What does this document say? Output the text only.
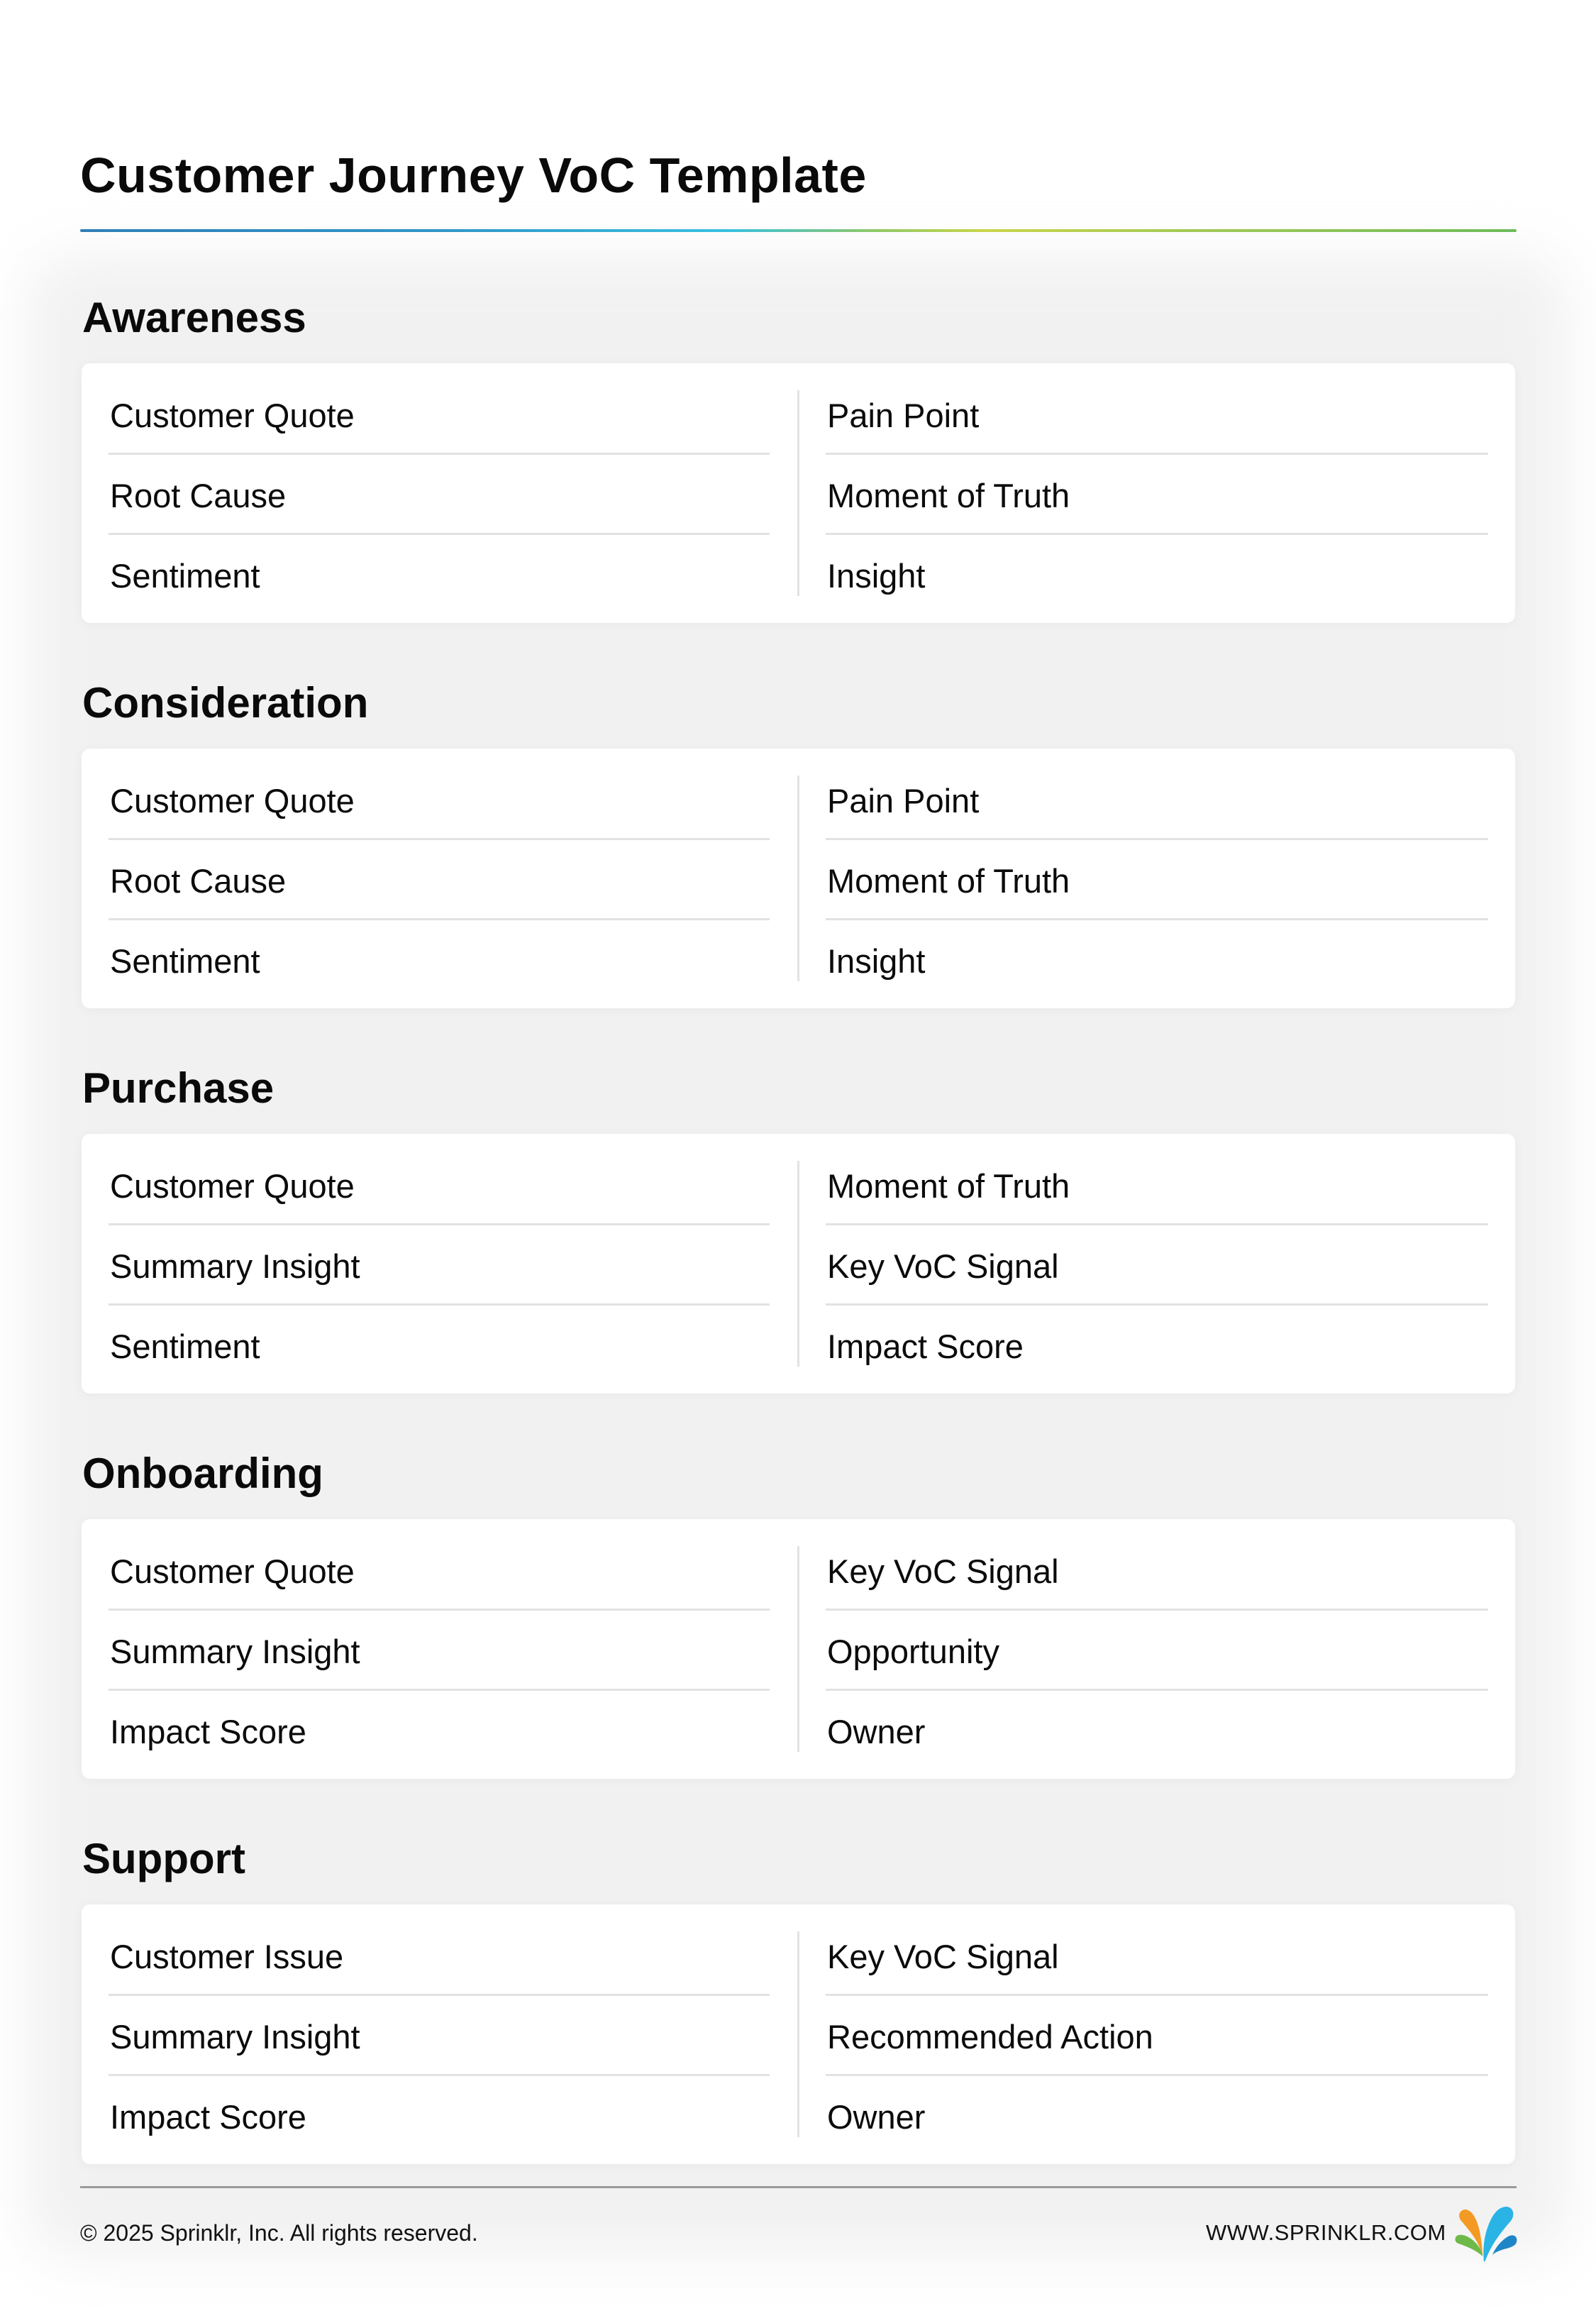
Customer Journey VoC Template
Awareness
Customer Quote
Root Cause
Sentiment
Pain Point
Moment of Truth
Insight
Consideration
Customer Quote
Root Cause
Sentiment
Pain Point
Moment of Truth
Insight
Purchase
Customer Quote
Summary Insight
Sentiment
Moment of Truth
Key VoC Signal
Impact Score
Onboarding
Customer Quote
Summary Insight
Impact Score
Key VoC Signal
Opportunity
Owner
Support
Customer Issue
Summary Insight
Impact Score
Key VoC Signal
Recommended Action
Owner
© 2025 Sprinklr, Inc. All rights reserved.	WWW.SPRINKLR.COM
